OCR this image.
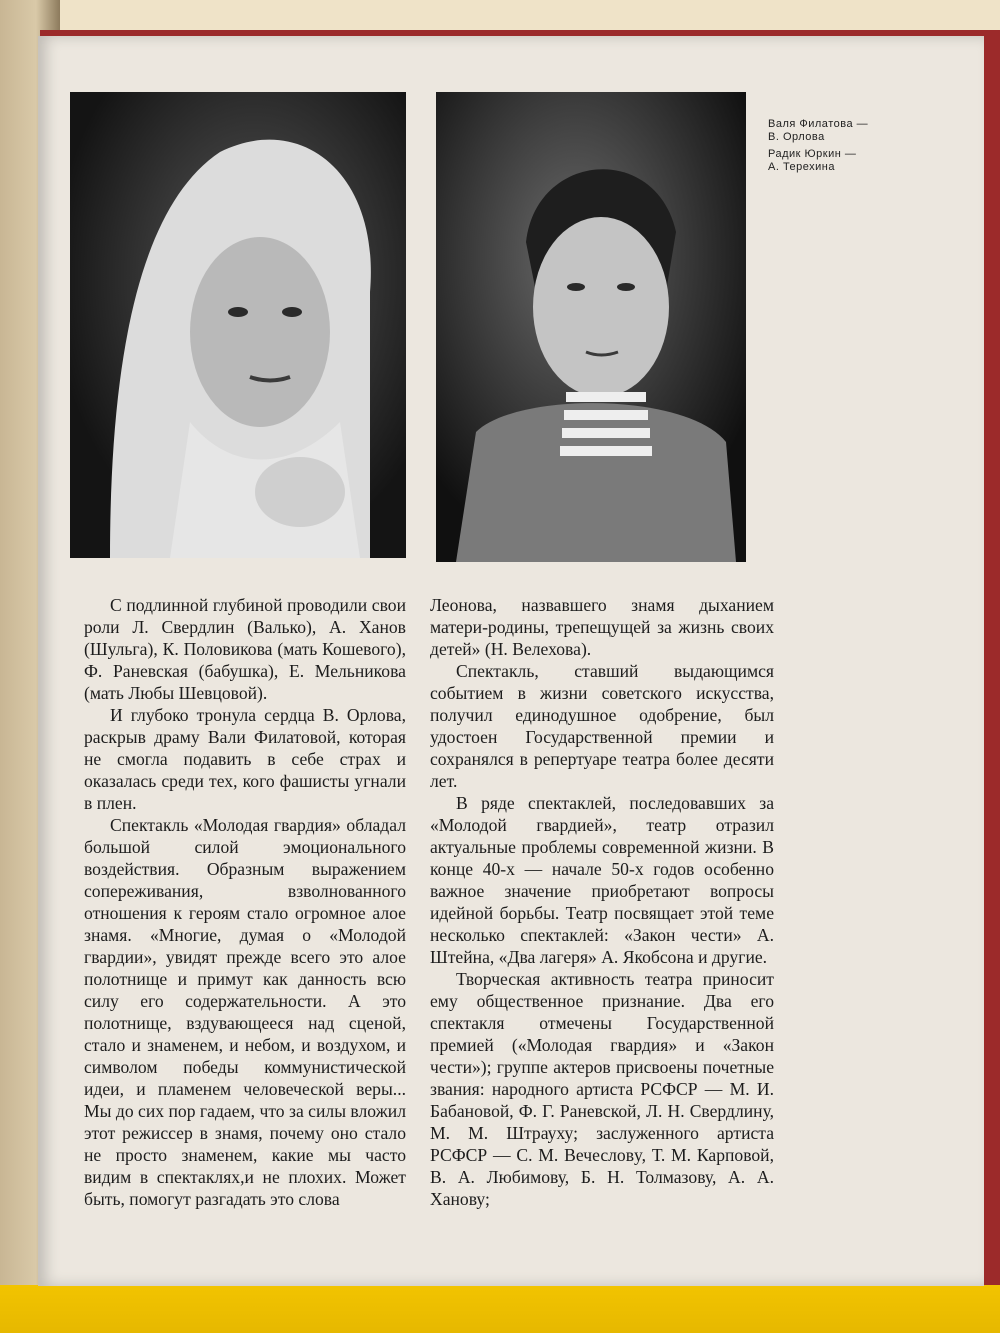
Валя Филатова —
В. Орлова
Радик Юркин —
А. Терехина

С подлинной глубиной проводили свои роли Л. Свердлин (Валько), А. Ханов (Шульга), К. Половикова (мать Кошевого), Ф. Раневская (бабушка), Е. Мельникова (мать Любы Шевцовой).

И глубоко тронула сердца В. Орлова, раскрыв драму Вали Филатовой, которая не смогла подавить в себе страх и оказалась среди тех, кого фашисты угнали в плен.

Спектакль «Молодая гвардия» обладал большой силой эмоционального воздействия. Образным выражением сопереживания, взволнованного отношения к героям стало огромное алое знамя. «Многие, думая о «Молодой гвардии», увидят прежде всего это алое полотнище и примут как данность всю силу его содержательности. А это полотнище, вздувающееся над сценой, стало и знаменем, и небом, и воздухом, и символом победы коммунистической идеи, и пламенем человеческой веры... Мы до сих пор гадаем, что за силы вложил этот режиссер в знамя, почему оно стало не просто знаменем, какие мы часто видим в спектаклях,и не плохих. Может быть, помогут разгадать это слова

Леонова, назвавшего знамя дыханием матери-родины, трепещущей за жизнь своих детей» (Н. Велехова).

Спектакль, ставший выдающимся событием в жизни советского искусства, получил единодушное одобрение, был удостоен Государственной премии и сохранялся в репертуаре театра более десяти лет.

В ряде спектаклей, последовавших за «Молодой гвардией», театр отразил актуальные проблемы современной жизни. В конце 40-х — начале 50-х годов особенно важное значение приобретают вопросы идейной борьбы. Театр посвящает этой теме несколько спектаклей: «Закон чести» А. Штейна, «Два лагеря» А. Якобсона и другие.

Творческая активность театра приносит ему общественное признание. Два его спектакля отмечены Государственной премией («Молодая гвардия» и «Закон чести»); группе актеров присвоены почетные звания: народного артиста РСФСР — М. И. Бабановой, Ф. Г. Раневской, Л. Н. Свердлину, М. М. Штрауху; заслуженного артиста РСФСР — С. М. Вечесловy, Т. М. Карповой, В. А. Любимову, Б. Н. Толмазову, А. А. Ханову;
